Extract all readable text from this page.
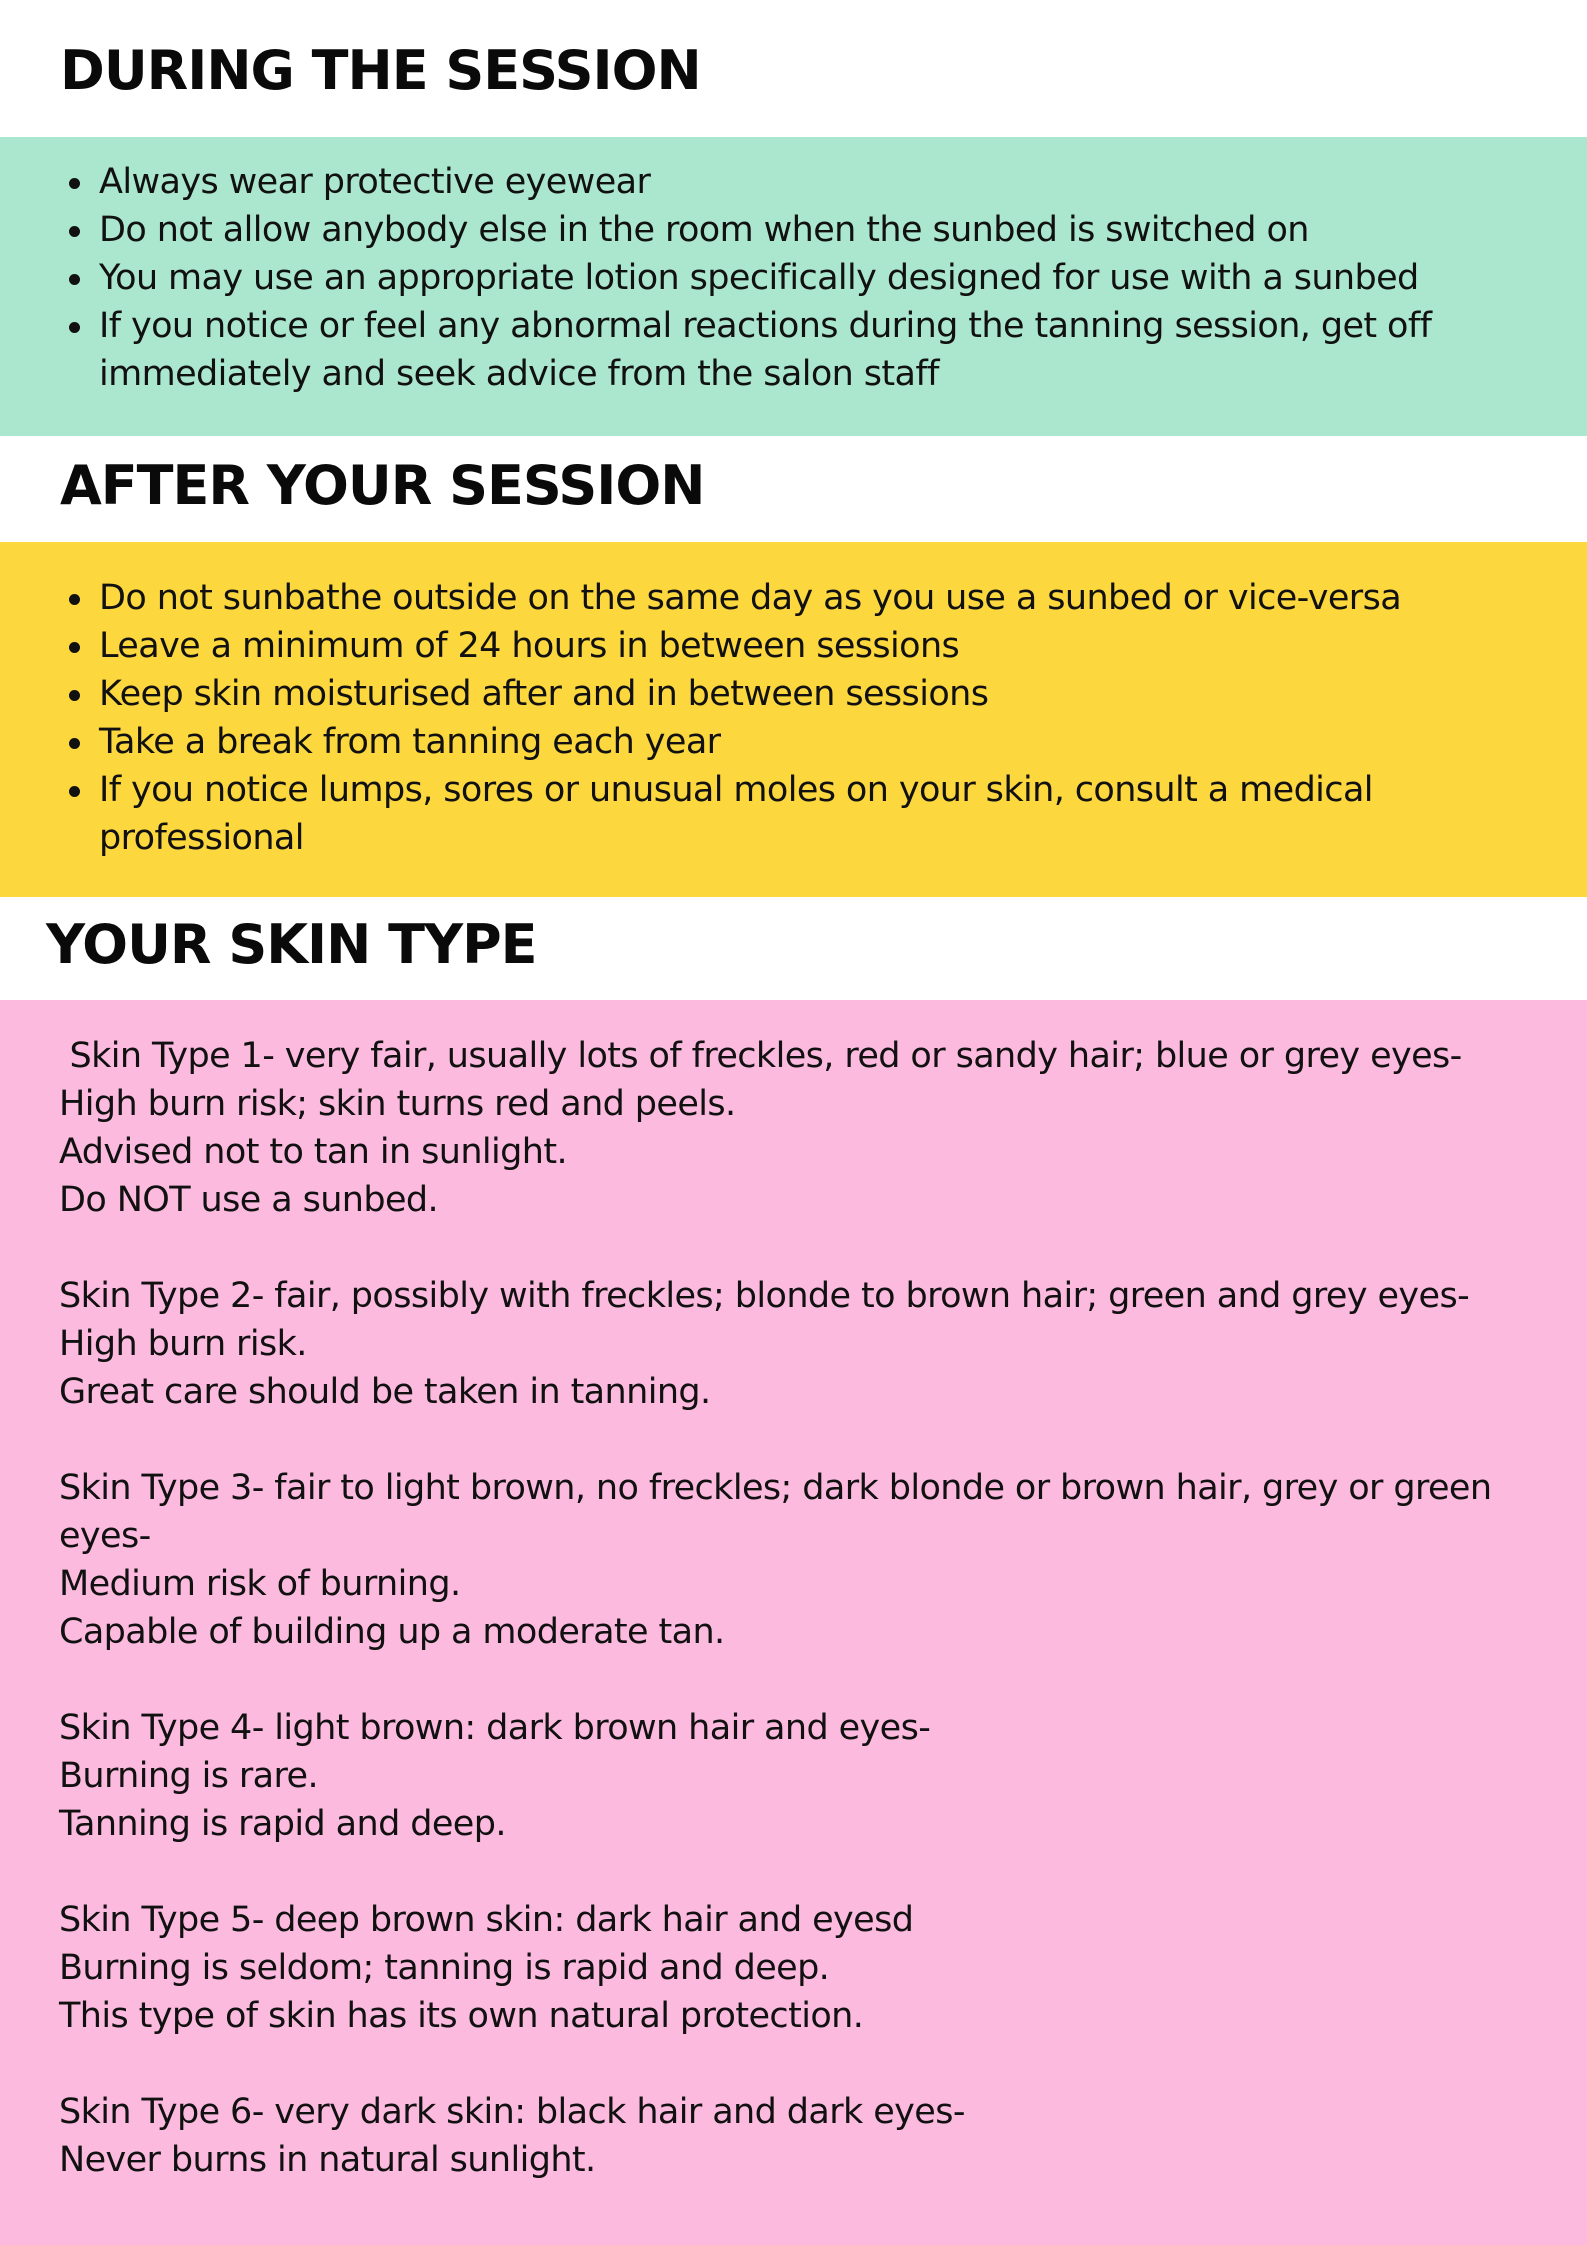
DURING THE SESSION
Always wear protective eyewear
Do not allow anybody else in the room when the sunbed is switched on
You may use an appropriate lotion specifically designed for use with a sunbed
If you notice or feel any abnormal reactions during the tanning session, get off immediately and seek advice from the salon staff
AFTER YOUR SESSION
Do not sunbathe outside on the same day as you use a sunbed or vice-versa
Leave a minimum of 24 hours in between sessions
Keep skin moisturised after and in between sessions
Take a break from tanning each year
If you notice lumps, sores or unusual moles on your skin, consult a medical professional
YOUR SKIN TYPE
Skin Type 1- very fair, usually lots of freckles, red or sandy hair; blue or grey eyes-
High burn risk; skin turns red and peels.
Advised not to tan in sunlight.
Do NOT use a sunbed.
Skin Type 2- fair, possibly with freckles; blonde to brown hair; green and grey eyes-
High burn risk.
Great care should be taken in tanning.
Skin Type 3- fair to light brown, no freckles; dark blonde or brown hair, grey or green eyes-
Medium risk of burning.
Capable of building up a moderate tan.
Skin Type 4- light brown: dark brown hair and eyes-
Burning is rare.
Tanning is rapid and deep.
Skin Type 5- deep brown skin: dark hair and eyesd
Burning is seldom; tanning is rapid and deep.
This type of skin has its own natural protection.
Skin Type 6- very dark skin: black hair and dark eyes-
Never burns in natural sunlight.
